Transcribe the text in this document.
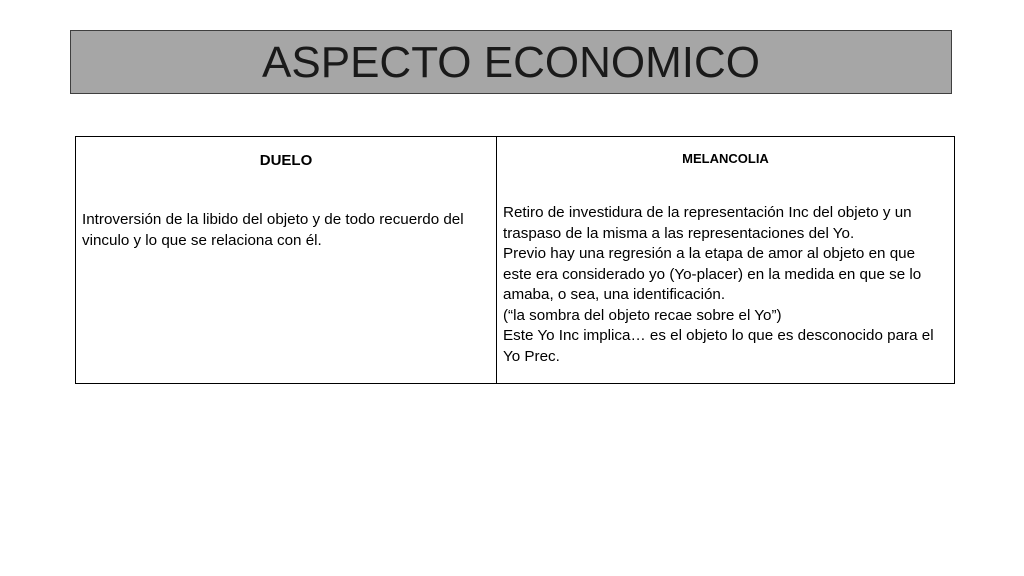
ASPECTO ECONOMICO
DUELO
Introversión de la libido del objeto y de todo recuerdo del vinculo y lo que se relaciona con él.
MELANCOLIA
Retiro de investidura de la representación Inc del objeto y un traspaso de la misma a las representaciones del Yo.
Previo hay una regresión a la etapa de amor al objeto en que este era considerado yo (Yo-placer) en la medida en que se lo amaba, o sea, una identificación.
(“la sombra del objeto recae sobre el Yo”)
Este Yo Inc implica… es el objeto lo que es desconocido para el Yo Prec.
